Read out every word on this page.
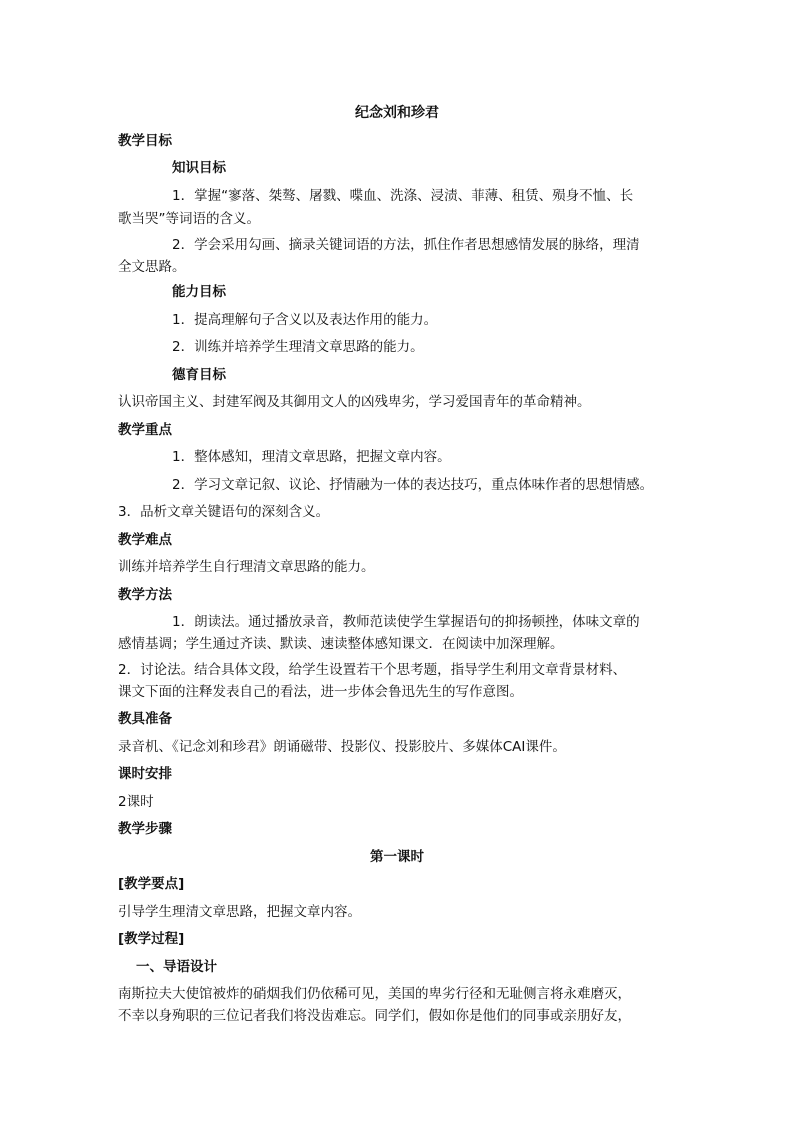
纪念刘和珍君
教学目标
知识目标
1．掌握“寥落、桀骜、屠戮、喋血、洗涤、浸渍、菲薄、租赁、殒身不恤、长
歌当哭”等词语的含义。
2．学会采用勾画、摘录关键词语的方法，抓住作者思想感情发展的脉络，理清
全文思路。
能力目标
1．提高理解句子含义以及表达作用的能力。
2．训练并培养学生理清文章思路的能力。
德育目标
认识帝国主义、封建军阀及其御用文人的凶残卑劣，学习爱国青年的革命精神。
教学重点
1．整体感知，理清文章思路，把握文章内容。
2．学习文章记叙、议论、抒情融为一体的表达技巧，重点体味作者的思想情感。
3．品析文章关键语句的深刻含义。
教学难点
训练并培养学生自行理清文章思路的能力。
教学方法
1．朗读法。通过播放录音，教师范读使学生掌握语句的抑扬顿挫，体味文章的
感情基调；学生通过齐读、默读、速读整体感知课文．在阅读中加深理解。
2．讨论法。结合具体文段，给学生设置若干个思考题，指导学生利用文章背景材料、
课文下面的注释发表自己的看法，进一步体会鲁迅先生的写作意图。
教具准备
录音机、《记念刘和珍君》朗诵磁带、投影仪、投影胶片、多媒体CAI课件。
课时安排
2课时
教学步骤
第一课时
[教学要点]
引导学生理清文章思路，把握文章内容。
[教学过程]
一、导语设计
南斯拉夫大使馆被炸的硝烟我们仍依稀可见，美国的卑劣行径和无耻侧言将永难磨灭，
不幸以身殉职的三位记者我们将没齿难忘。同学们，假如你是他们的同事或亲朋好友，
